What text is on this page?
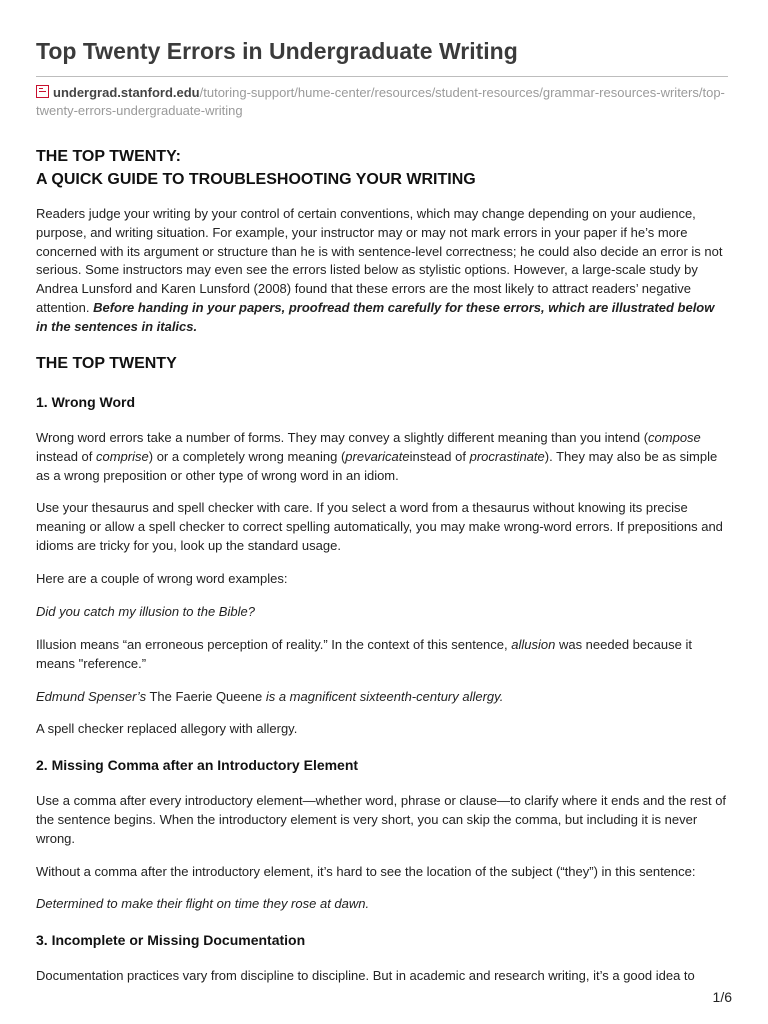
Top Twenty Errors in Undergraduate Writing
undergrad.stanford.edu/tutoring-support/hume-center/resources/student-resources/grammar-resources-writers/top-twenty-errors-undergraduate-writing
THE TOP TWENTY:
A QUICK GUIDE TO TROUBLESHOOTING YOUR WRITING

Readers judge your writing by your control of certain conventions, which may change depending on your audience, purpose, and writing situation. For example, your instructor may or may not mark errors in your paper if he’s more concerned with its argument or structure than he is with sentence-level correctness; he could also decide an error is not serious. Some instructors may even see the errors listed below as stylistic options. However, a large-scale study by Andrea Lunsford and Karen Lunsford (2008) found that these errors are the most likely to attract readers’ negative attention. Before handing in your papers, proofread them carefully for these errors, which are illustrated below in the sentences in italics.

THE TOP TWENTY
1. Wrong Word

Wrong word errors take a number of forms. They may convey a slightly different meaning than you intend (compose instead of comprise) or a completely wrong meaning (prevaricateinstead of procrastinate). They may also be as simple as a wrong preposition or other type of wrong word in an idiom.

Use your thesaurus and spell checker with care. If you select a word from a thesaurus without knowing its precise meaning or allow a spell checker to correct spelling automatically, you may make wrong-word errors. If prepositions and idioms are tricky for you, look up the standard usage.

Here are a couple of wrong word examples:

Did you catch my illusion to the Bible?

Illusion means “an erroneous perception of reality.” In the context of this sentence, allusion was needed because it means "reference.”

Edmund Spenser’s The Faerie Queene is a magnificent sixteenth-century allergy.

A spell checker replaced allegory with allergy.

2. Missing Comma after an Introductory Element

Use a comma after every introductory element—whether word, phrase or clause—to clarify where it ends and the rest of the sentence begins. When the introductory element is very short, you can skip the comma, but including it is never wrong.

Without a comma after the introductory element, it’s hard to see the location of the subject (“they”) in this sentence:

Determined to make their flight on time they rose at dawn.

3. Incomplete or Missing Documentation

Documentation practices vary from discipline to discipline. But in academic and research writing, it’s a good idea to

1/6
